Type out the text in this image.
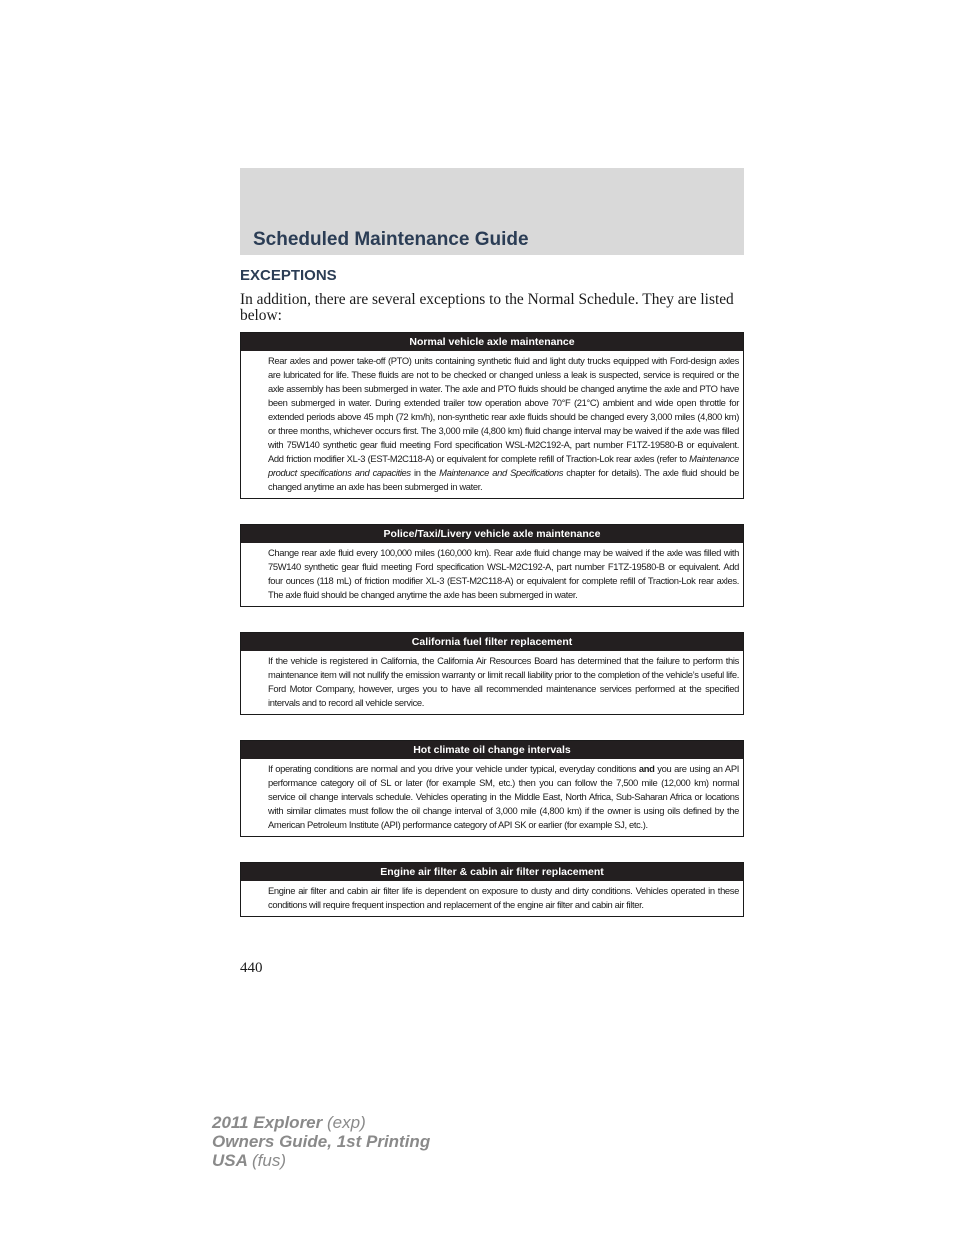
Scheduled Maintenance Guide
EXCEPTIONS

In addition, there are several exceptions to the Normal Schedule. They are listed below:

Normal vehicle axle maintenance

Rear axles and power take-off (PTO) units containing synthetic fluid and light duty trucks equipped with Ford-design axles are lubricated for life. These fluids are not to be checked or changed unless a leak is suspected, service is required or the axle assembly has been submerged in water. The axle and PTO fluids should be changed anytime the axle and PTO have been submerged in water. During extended trailer tow operation above 70°F (21°C) ambient and wide open throttle for extended periods above 45 mph (72 km/h), non-synthetic rear axle fluids should be changed every 3,000 miles (4,800 km) or three months, whichever occurs first. The 3,000 mile (4,800 km) fluid change interval may be waived if the axle was filled with 75W140 synthetic gear fluid meeting Ford specification WSL-M2C192-A, part number F1TZ-19580-B or equivalent. Add friction modifier XL-3 (EST-M2C118-A) or equivalent for complete refill of Traction-Lok rear axles (refer to Maintenance product specifications and capacities in the Maintenance and Specifications chapter for details). The axle fluid should be changed anytime an axle has been submerged in water.

Police/Taxi/Livery vehicle axle maintenance

Change rear axle fluid every 100,000 miles (160,000 km). Rear axle fluid change may be waived if the axle was filled with 75W140 synthetic gear fluid meeting Ford specification WSL-M2C192-A, part number F1TZ-19580-B or equivalent. Add four ounces (118 mL) of friction modifier XL-3 (EST-M2C118-A) or equivalent for complete refill of Traction-Lok rear axles. The axle fluid should be changed anytime the axle has been submerged in water.

California fuel filter replacement

If the vehicle is registered in California, the California Air Resources Board has determined that the failure to perform this maintenance item will not nullify the emission warranty or limit recall liability prior to the completion of the vehicle’s useful life. Ford Motor Company, however, urges you to have all recommended maintenance services performed at the specified intervals and to record all vehicle service.

Hot climate oil change intervals

If operating conditions are normal and you drive your vehicle under typical, everyday conditions and you are using an API performance category oil of SL or later (for example SM, etc.) then you can follow the 7,500 mile (12,000 km) normal service oil change intervals schedule. Vehicles operating in the Middle East, North Africa, Sub-Saharan Africa or locations with similar climates must follow the oil change interval of 3,000 mile (4,800 km) if the owner is using oils defined by the American Petroleum Institute (API) performance category of API SK or earlier (for example SJ, etc.).

Engine air filter & cabin air filter replacement

Engine air filter and cabin air filter life is dependent on exposure to dusty and dirty conditions. Vehicles operated in these conditions will require frequent inspection and replacement of the engine air filter and cabin air filter.

440
2011 Explorer (exp)
Owners Guide, 1st Printing
USA (fus)
